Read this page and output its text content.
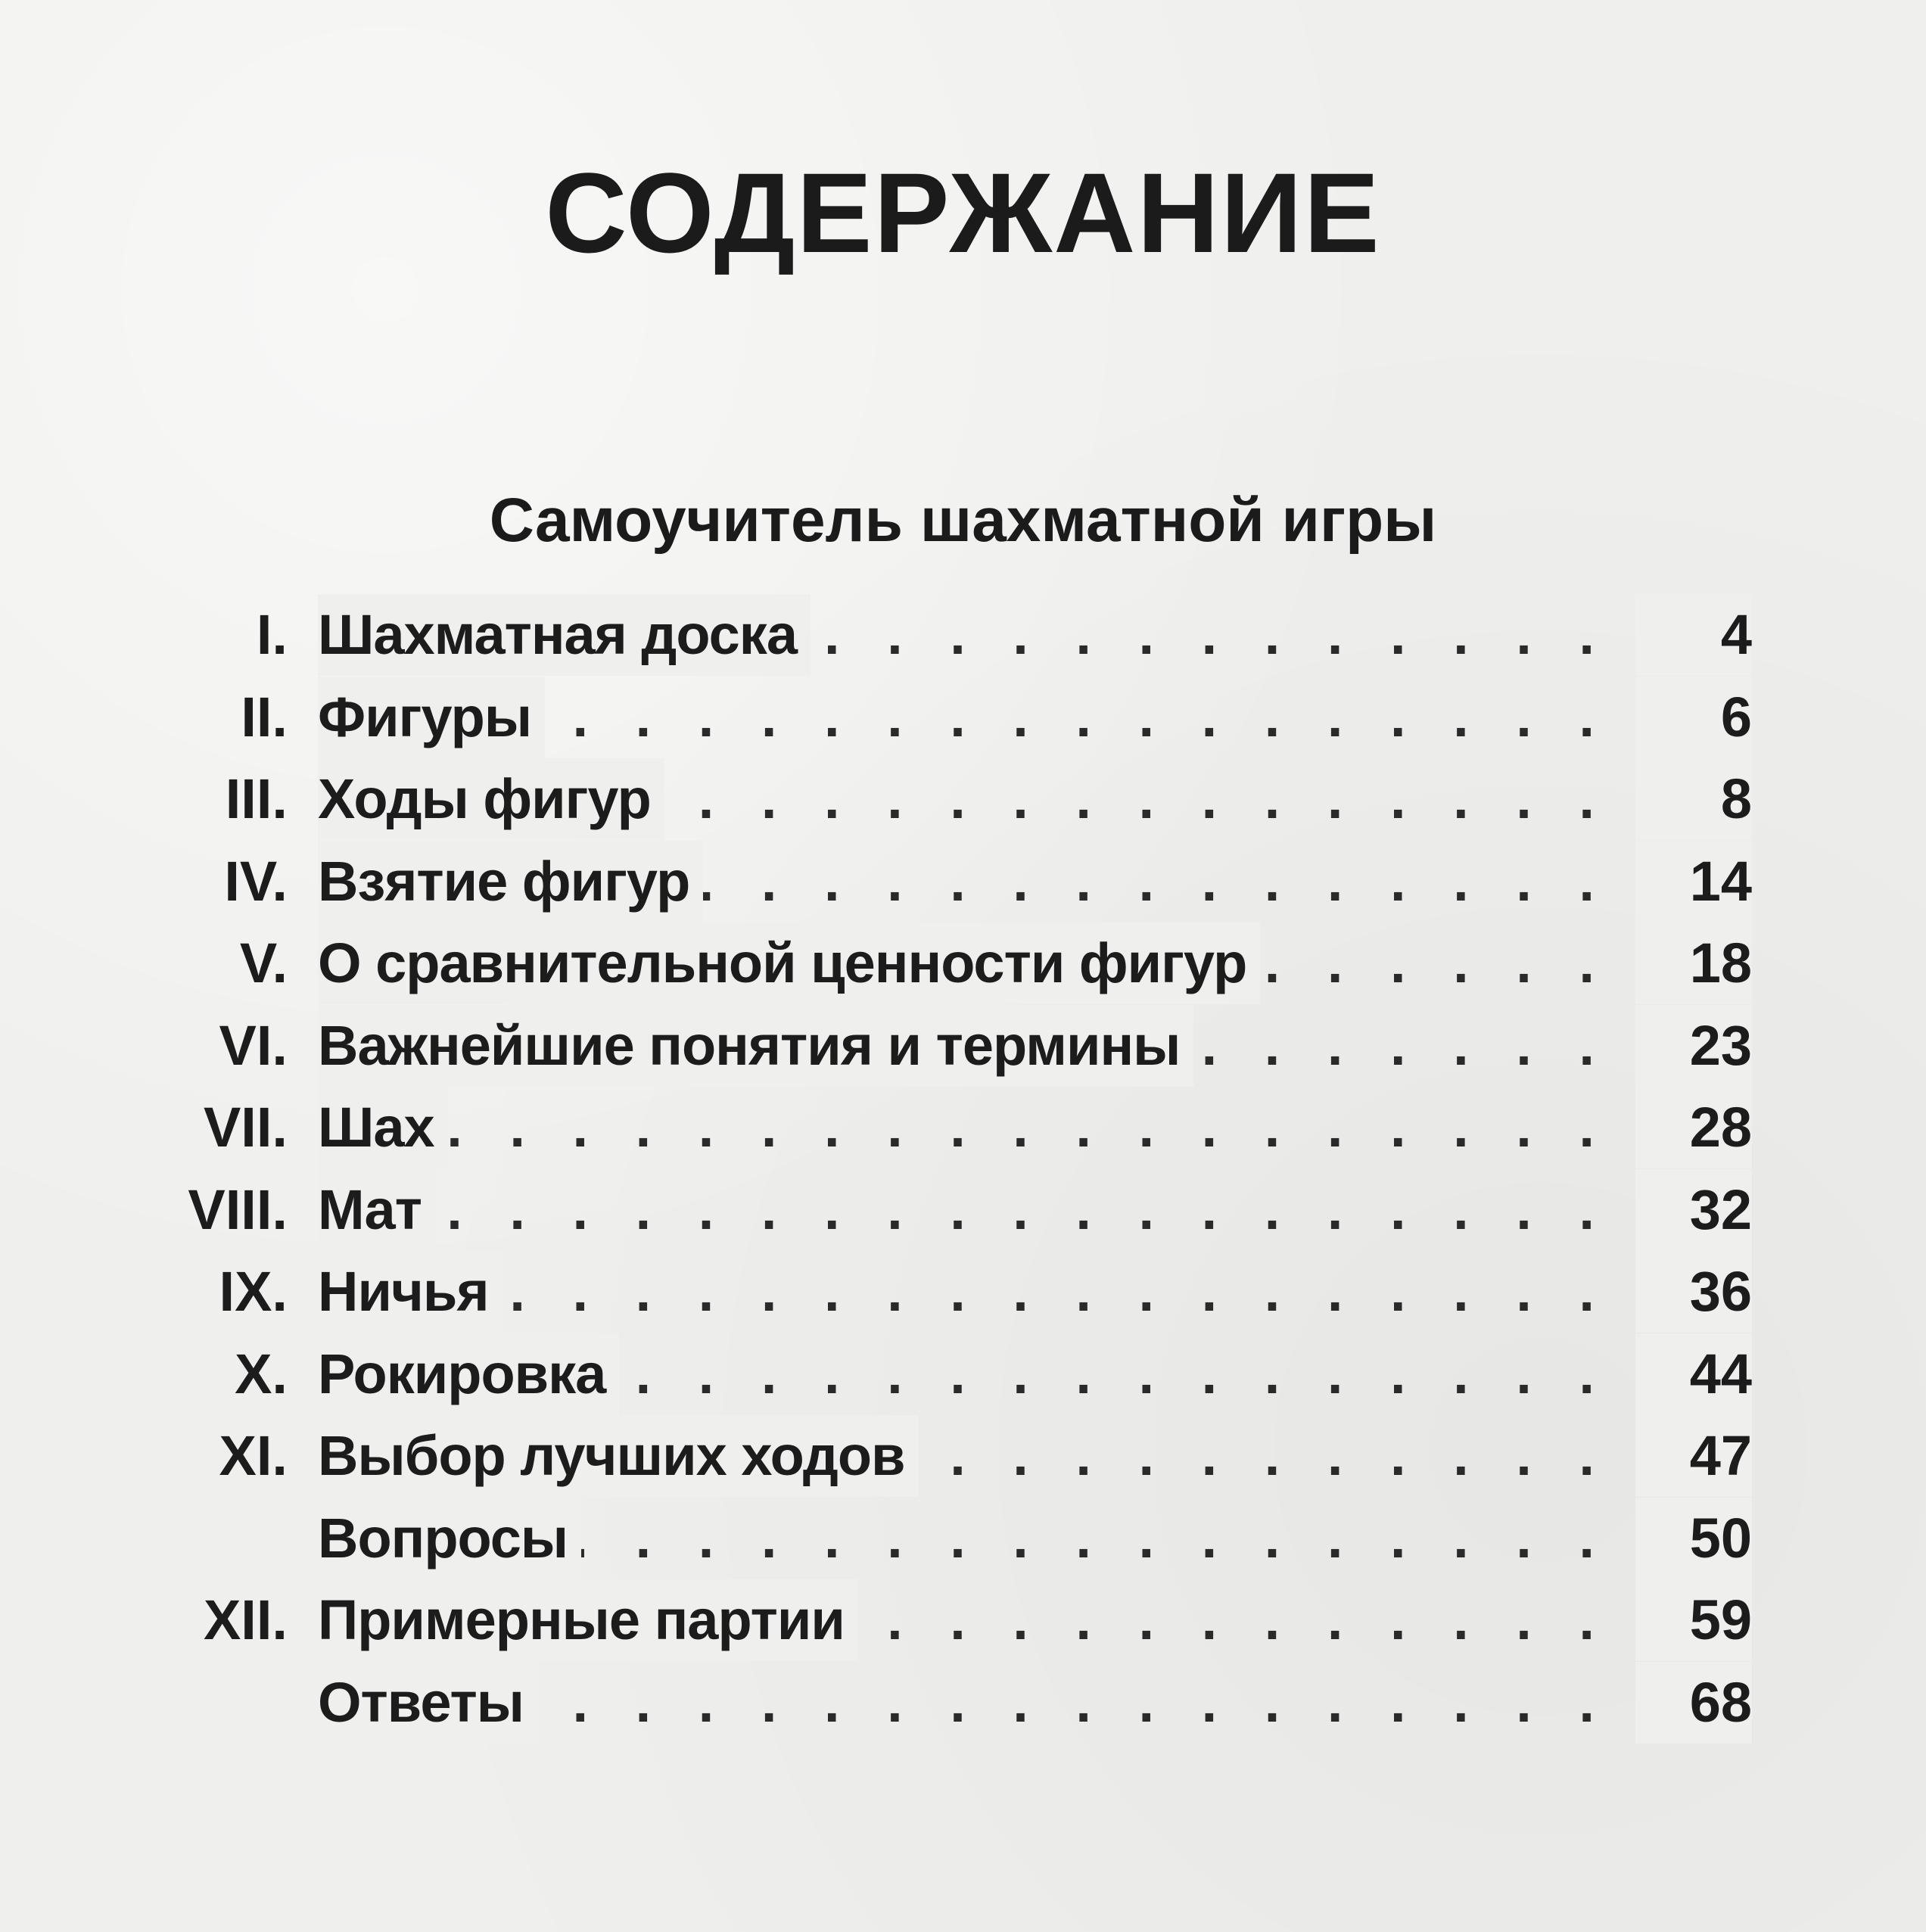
СОДЕРЖАНИЕ
Самоучитель шахматной игры
I. Шахматная доска . . .	4
II. Фигуры . . .	6
III. Ходы фигур . . .	8
IV. Взятие фигур . . .	14
V. О сравнительной ценности фигур . . .	18
VI. Важнейшие понятия и термины . . .	23
VII. Шах . . .	28
VIII. Мат . . .	32
IX. Ничья . . .	36
X. Рокировка . . .	44
XI. Выбор лучших ходов . . .	47
Вопросы . . .	50
XII. Примерные партии . . .	59
Ответы . . .	68
